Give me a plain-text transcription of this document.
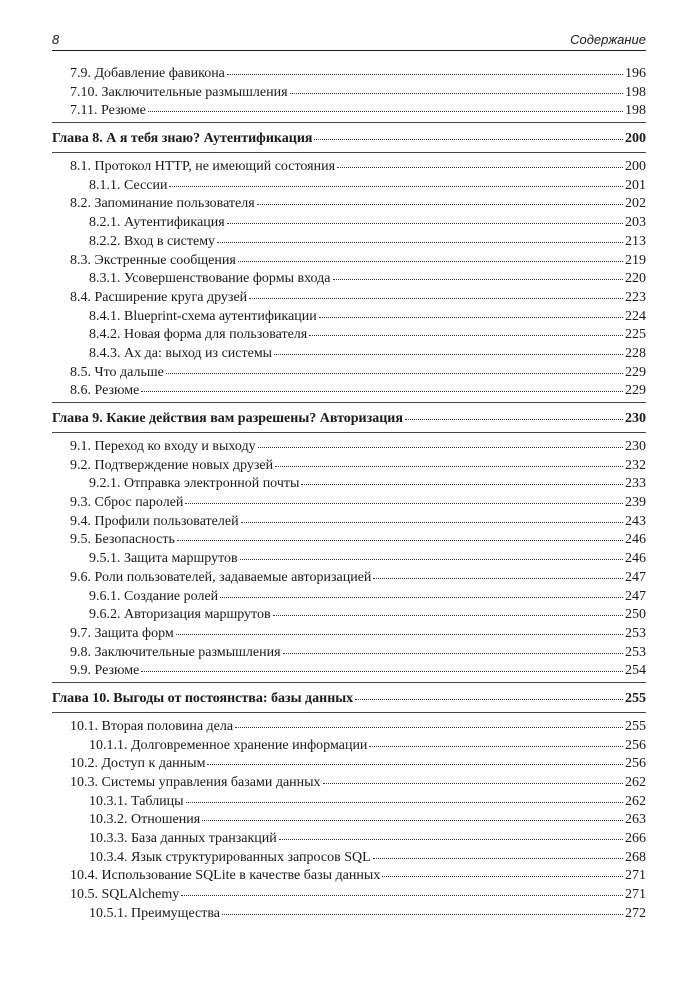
8	Содержание
7.9. Добавление фавикона	196
7.10. Заключительные размышления	198
7.11. Резюме	198
Глава 8. А я тебя знаю? Аутентификация	200
8.1. Протокол HTTP, не имеющий состояния	200
8.1.1. Сессии	201
8.2. Запоминание пользователя	202
8.2.1. Аутентификация	203
8.2.2. Вход в систему	213
8.3. Экстренные сообщения	219
8.3.1. Усовершенствование формы входа	220
8.4. Расширение круга друзей	223
8.4.1. Blueprint-схема аутентификации	224
8.4.2. Новая форма для пользователя	225
8.4.3. Ах да: выход из системы	228
8.5. Что дальше	229
8.6. Резюме	229
Глава 9. Какие действия вам разрешены? Авторизация	230
9.1. Переход ко входу и выходу	230
9.2. Подтверждение новых друзей	232
9.2.1. Отправка электронной почты	233
9.3. Сброс паролей	239
9.4. Профили пользователей	243
9.5. Безопасность	246
9.5.1. Защита маршрутов	246
9.6. Роли пользователей, задаваемые авторизацией	247
9.6.1. Создание ролей	247
9.6.2. Авторизация маршрутов	250
9.7. Защита форм	253
9.8. Заключительные размышления	253
9.9. Резюме	254
Глава 10. Выгоды от постоянства: базы данных	255
10.1. Вторая половина дела	255
10.1.1. Долговременное хранение информации	256
10.2. Доступ к данным	256
10.3. Системы управления базами данных	262
10.3.1. Таблицы	262
10.3.2. Отношения	263
10.3.3. База данных транзакций	266
10.3.4. Язык структурированных запросов SQL	268
10.4. Использование SQLite в качестве базы данных	271
10.5. SQLAlchemy	271
10.5.1. Преимущества	272
